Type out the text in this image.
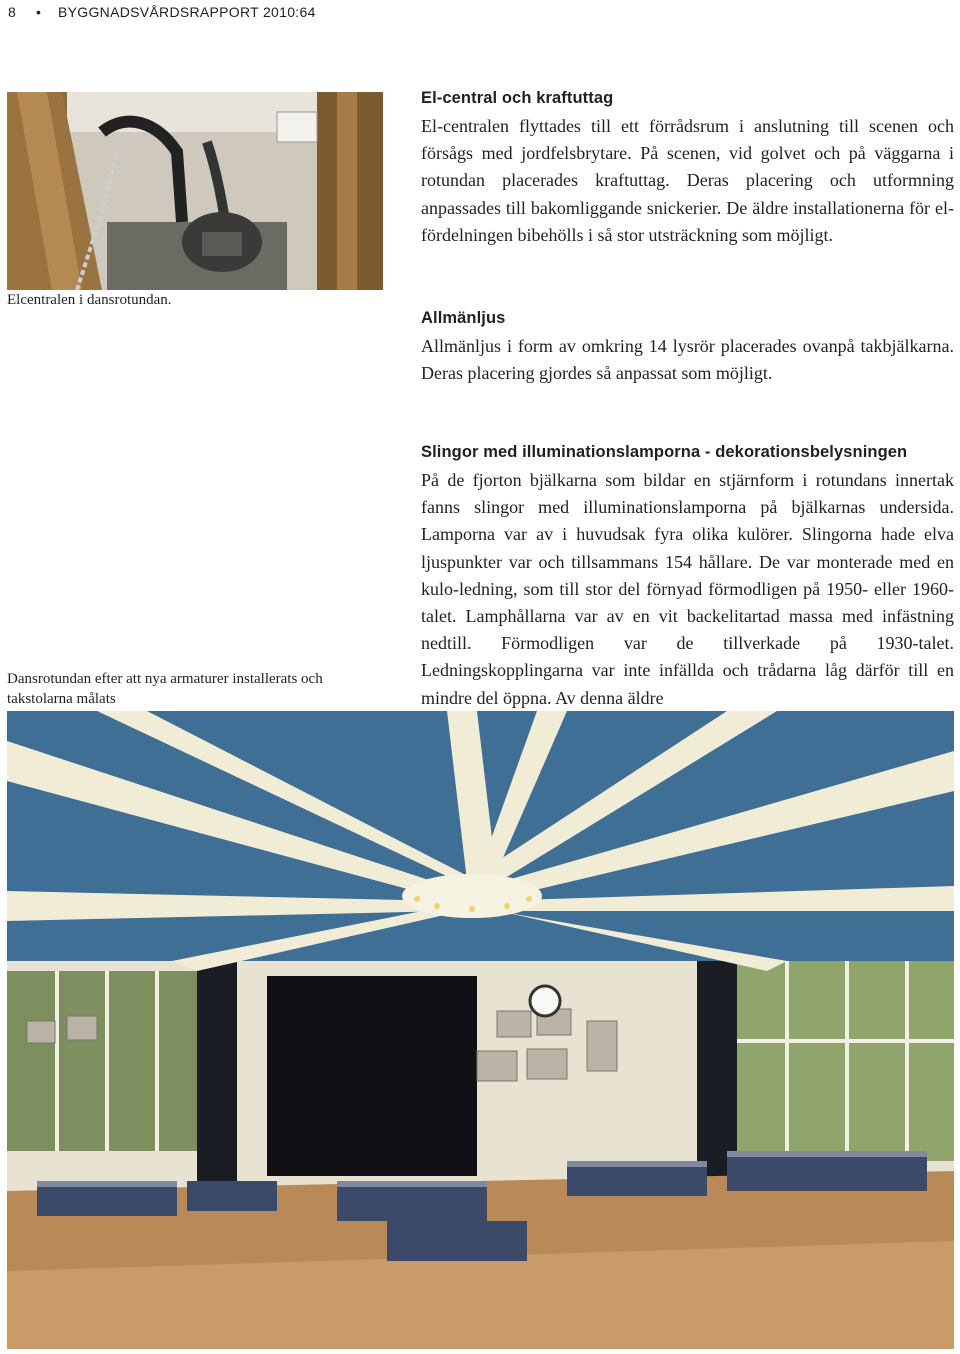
8	•	BYGGNADSVÅRDSRAPPORT 2010:64
Elcentralen i dansrotundan.
El-central och kraftuttag

El-centralen flyttades till ett förrådsrum i anslutning till scenen och försågs med jordfelsbrytare. På scenen, vid golvet och på väggarna i rotundan placerades kraftuttag. Deras placering och utformning anpassades till bakomliggande snickerier. De äldre installationerna för el-fördelningen bibehölls i så stor utsträckning som möjligt.

Allmänljus

Allmänljus i form av omkring 14 lysrör placerades ovanpå takbjälkarna. Deras placering gjordes så anpassat som möjligt.

Dansrotundan efter att nya armaturer installerats och takstolarna målats
Slingor med illuminationslamporna - dekorationsbelysningen

På de fjorton bjälkarna som bildar en stjärnform i rotundans innertak fanns slingor med illuminationslamporna på bjälkarnas undersida. Lamporna var av i huvudsak fyra olika kulörer. Slingorna hade elva ljuspunkter var och tillsammans 154 hållare. De var monterade med en kulo-ledning, som till stor del förnyad förmodligen på 1950- eller 1960-talet. Lamphållarna var av en vit backelitartad massa med infästning nedtill. Förmodligen var de tillverkade på 1930-talet. Ledningskopplingarna var inte infällda och trådarna låg därför till en mindre del öppna. Av denna äldre
